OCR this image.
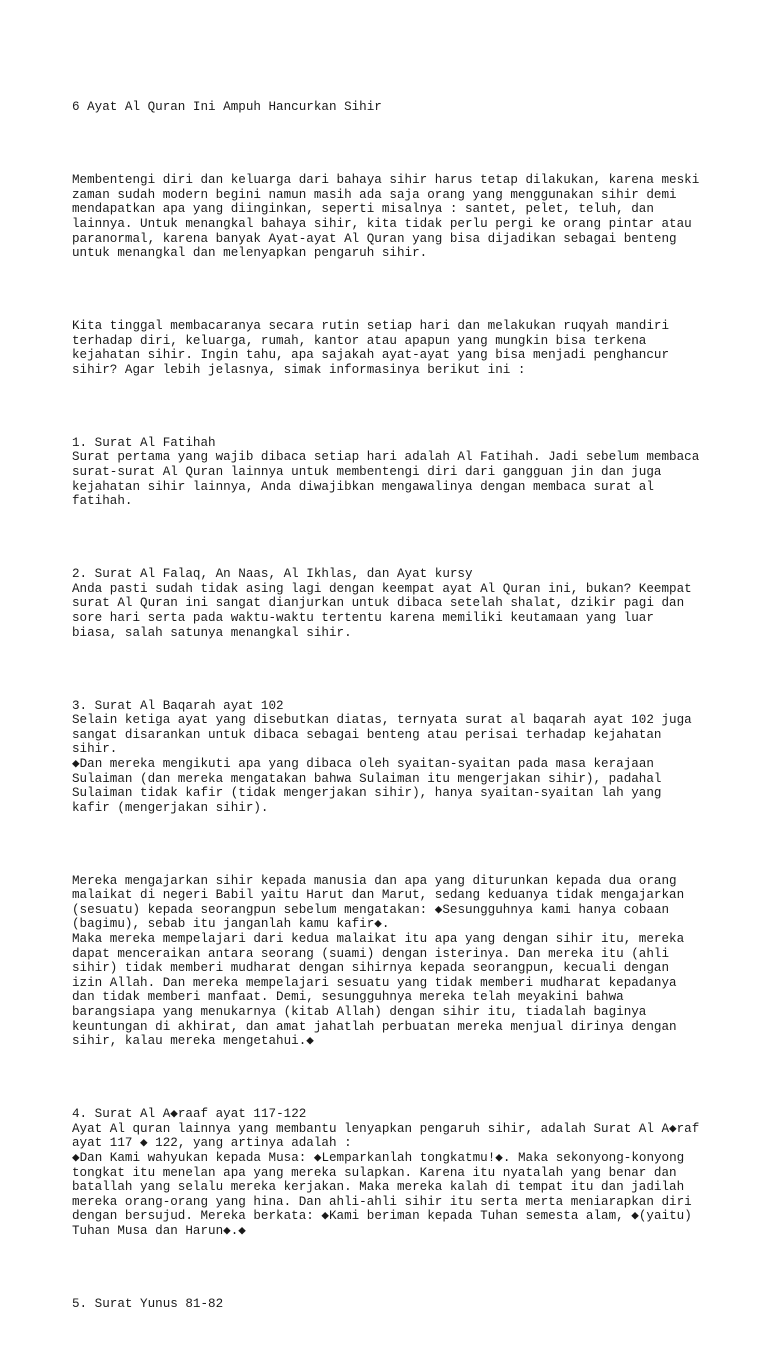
6 Ayat Al Quran Ini Ampuh Hancurkan Sihir

Membentengi diri dan keluarga dari bahaya sihir harus tetap dilakukan, karena meski
zaman sudah modern begini namun masih ada saja orang yang menggunakan sihir demi
mendapatkan apa yang diinginkan, seperti misalnya : santet, pelet, teluh, dan
lainnya. Untuk menangkal bahaya sihir, kita tidak perlu pergi ke orang pintar atau
paranormal, karena banyak Ayat-ayat Al Quran yang bisa dijadikan sebagai benteng
untuk menangkal dan melenyapkan pengaruh sihir.

Kita tinggal membacaranya secara rutin setiap hari dan melakukan ruqyah mandiri
terhadap diri, keluarga, rumah, kantor atau apapun yang mungkin bisa terkena
kejahatan sihir. Ingin tahu, apa sajakah ayat-ayat yang bisa menjadi penghancur
sihir? Agar lebih jelasnya, simak informasinya berikut ini :

1. Surat Al Fatihah
Surat pertama yang wajib dibaca setiap hari adalah Al Fatihah. Jadi sebelum membaca
surat-surat Al Quran lainnya untuk membentengi diri dari gangguan jin dan juga
kejahatan sihir lainnya, Anda diwajibkan mengawalinya dengan membaca surat al
fatihah.

2. Surat Al Falaq, An Naas, Al Ikhlas, dan Ayat kursy
Anda pasti sudah tidak asing lagi dengan keempat ayat Al Quran ini, bukan? Keempat
surat Al Quran ini sangat dianjurkan untuk dibaca setelah shalat, dzikir pagi dan
sore hari serta pada waktu-waktu tertentu karena memiliki keutamaan yang luar
biasa, salah satunya menangkal sihir.

3. Surat Al Baqarah ayat 102
Selain ketiga ayat yang disebutkan diatas, ternyata surat al baqarah ayat 102 juga
sangat disarankan untuk dibaca sebagai benteng atau perisai terhadap kejahatan
sihir.
◆Dan mereka mengikuti apa yang dibaca oleh syaitan-syaitan pada masa kerajaan
Sulaiman (dan mereka mengatakan bahwa Sulaiman itu mengerjakan sihir), padahal
Sulaiman tidak kafir (tidak mengerjakan sihir), hanya syaitan-syaitan lah yang
kafir (mengerjakan sihir).

Mereka mengajarkan sihir kepada manusia dan apa yang diturunkan kepada dua orang
malaikat di negeri Babil yaitu Harut dan Marut, sedang keduanya tidak mengajarkan
(sesuatu) kepada seorangpun sebelum mengatakan: ◆Sesungguhnya kami hanya cobaan
(bagimu), sebab itu janganlah kamu kafir◆.
Maka mereka mempelajari dari kedua malaikat itu apa yang dengan sihir itu, mereka
dapat menceraikan antara seorang (suami) dengan isterinya. Dan mereka itu (ahli
sihir) tidak memberi mudharat dengan sihirnya kepada seorangpun, kecuali dengan
izin Allah. Dan mereka mempelajari sesuatu yang tidak memberi mudharat kepadanya
dan tidak memberi manfaat. Demi, sesungguhnya mereka telah meyakini bahwa
barangsiapa yang menukarnya (kitab Allah) dengan sihir itu, tiadalah baginya
keuntungan di akhirat, dan amat jahatlah perbuatan mereka menjual dirinya dengan
sihir, kalau mereka mengetahui.◆

4. Surat Al A◆raaf ayat 117-122
Ayat Al quran lainnya yang membantu lenyapkan pengaruh sihir, adalah Surat Al A◆raf
ayat 117 ◆ 122, yang artinya adalah :
◆Dan Kami wahyukan kepada Musa: ◆Lemparkanlah tongkatmu!◆. Maka sekonyong-konyong
tongkat itu menelan apa yang mereka sulapkan. Karena itu nyatalah yang benar dan
batallah yang selalu mereka kerjakan. Maka mereka kalah di tempat itu dan jadilah
mereka orang-orang yang hina. Dan ahli-ahli sihir itu serta merta meniarapkan diri
dengan bersujud. Mereka berkata: ◆Kami beriman kepada Tuhan semesta alam, ◆(yaitu)
Tuhan Musa dan Harun◆.◆

5. Surat Yunus 81-82
